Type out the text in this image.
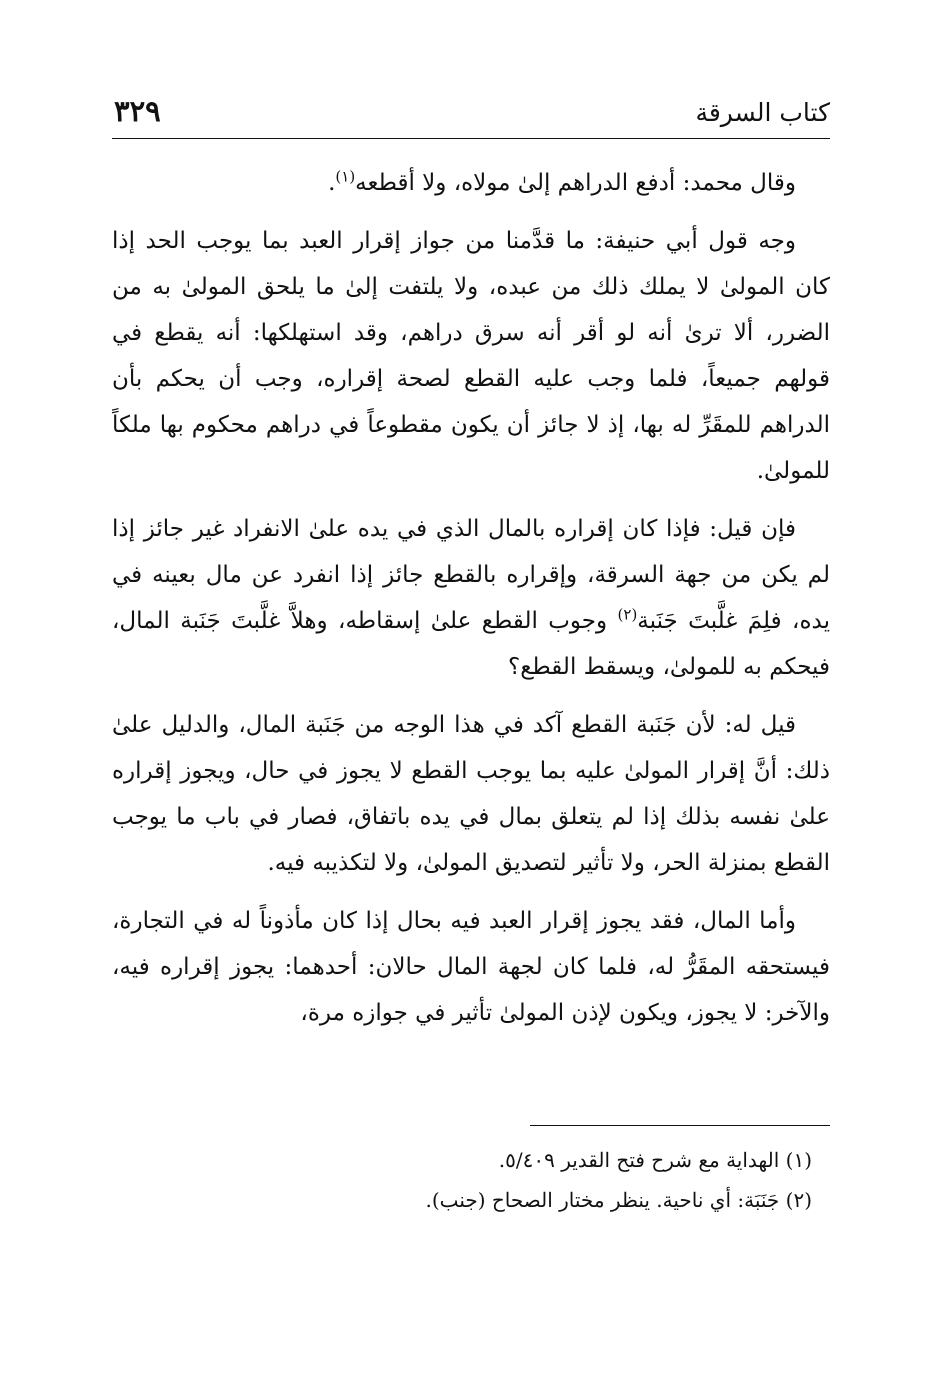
كتاب السرقة
٣٢٩

وقال محمد: أدفع الدراهم إلىٰ مولاه، ولا أقطعه$^{(١)}$.

وجه قول أبي حنيفة: ما قدَّمنا من جواز إقرار العبد بما يوجب الحد إذا كان المولىٰ لا يملك ذلك من عبده، ولا يلتفت إلىٰ ما يلحق المولىٰ به من الضرر، ألا ترىٰ أنه لو أقر أنه سرق دراهم، وقد استهلكها: أنه يقطع في قولهم جميعاً، فلما وجب عليه القطع لصحة إقراره، وجب أن يحكم بأن الدراهم للمقَرِّ له بها، إذ لا جائز أن يكون مقطوعاً في دراهم محكوم بها ملكاً للمولىٰ.

فإن قيل: فإذا كان إقراره بالمال الذي في يده علىٰ الانفراد غير جائز إذا لم يكن من جهة السرقة، وإقراره بالقطع جائز إذا انفرد عن مال بعينه في يده، فلِمَ غلَّبتَ جَنَبة$^{(٢)}$ وجوب القطع علىٰ إسقاطه، وهلاَّ غلَّبتَ جَنَبة المال، فيحكم به للمولىٰ، ويسقط القطع؟

قيل له: لأن جَنَبة القطع آكد في هذا الوجه من جَنَبة المال، والدليل علىٰ ذلك: أنَّ إقرار المولىٰ عليه بما يوجب القطع لا يجوز في حال، ويجوز إقراره علىٰ نفسه بذلك إذا لم يتعلق بمال في يده باتفاق، فصار في باب ما يوجب القطع بمنزلة الحر، ولا تأثير لتصديق المولىٰ، ولا لتكذيبه فيه.

وأما المال، فقد يجوز إقرار العبد فيه بحال إذا كان مأذوناً له في التجارة، فيستحقه المقَرُّ له، فلما كان لجهة المال حالان: أحدهما: يجوز إقراره فيه، والآخر: لا يجوز، ويكون لإذن المولىٰ تأثير في جوازه مرة،

(١) الهداية مع شرح فتح القدير ٥/٤٠٩.

(٢) جَنَبَة: أي ناحية. ينظر مختار الصحاح (جنب).
